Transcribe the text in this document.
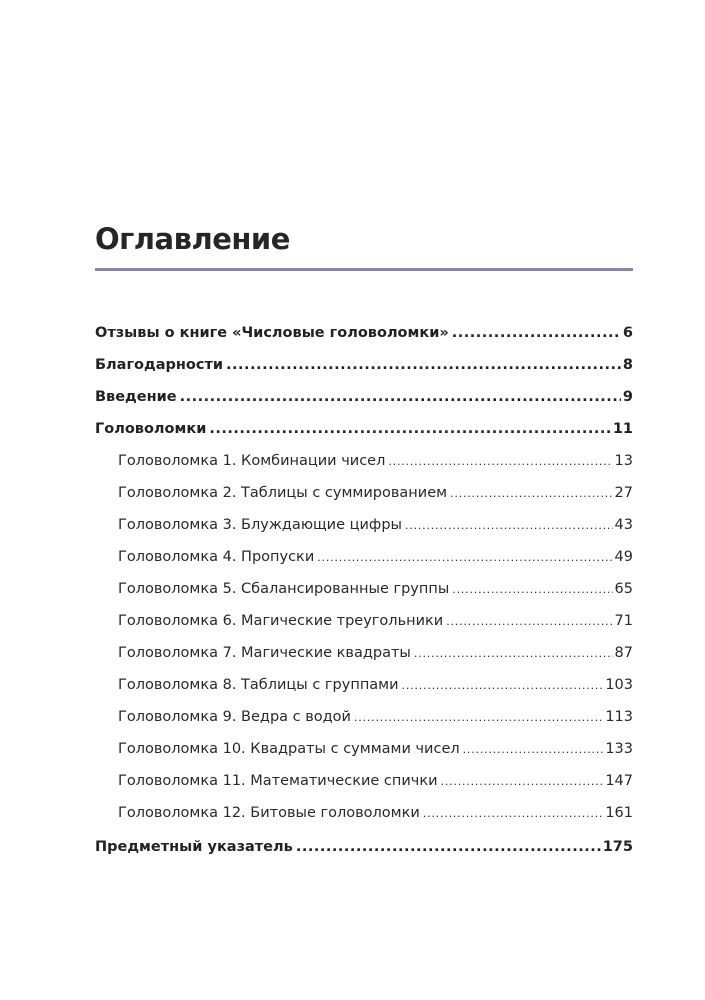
Оглавление
Отзывы о книге «Числовые головоломки» .....	6
Благодарности .....	8
Введение .....	9
Головоломки .....	11
Головоломка 1. Комбинации чисел .....	13
Головоломка 2. Таблицы с суммированием .....	27
Головоломка 3. Блуждающие цифры .....	43
Головоломка 4. Пропуски .....	49
Головоломка 5. Сбалансированные группы .....	65
Головоломка 6. Магические треугольники .....	71
Головоломка 7. Магические квадраты .....	87
Головоломка 8. Таблицы с группами .....	103
Головоломка 9. Ведра с водой .....	113
Головоломка 10. Квадраты с суммами чисел .....	133
Головоломка 11. Математические спички .....	147
Головоломка 12. Битовые головоломки .....	161
Предметный указатель .....	175
